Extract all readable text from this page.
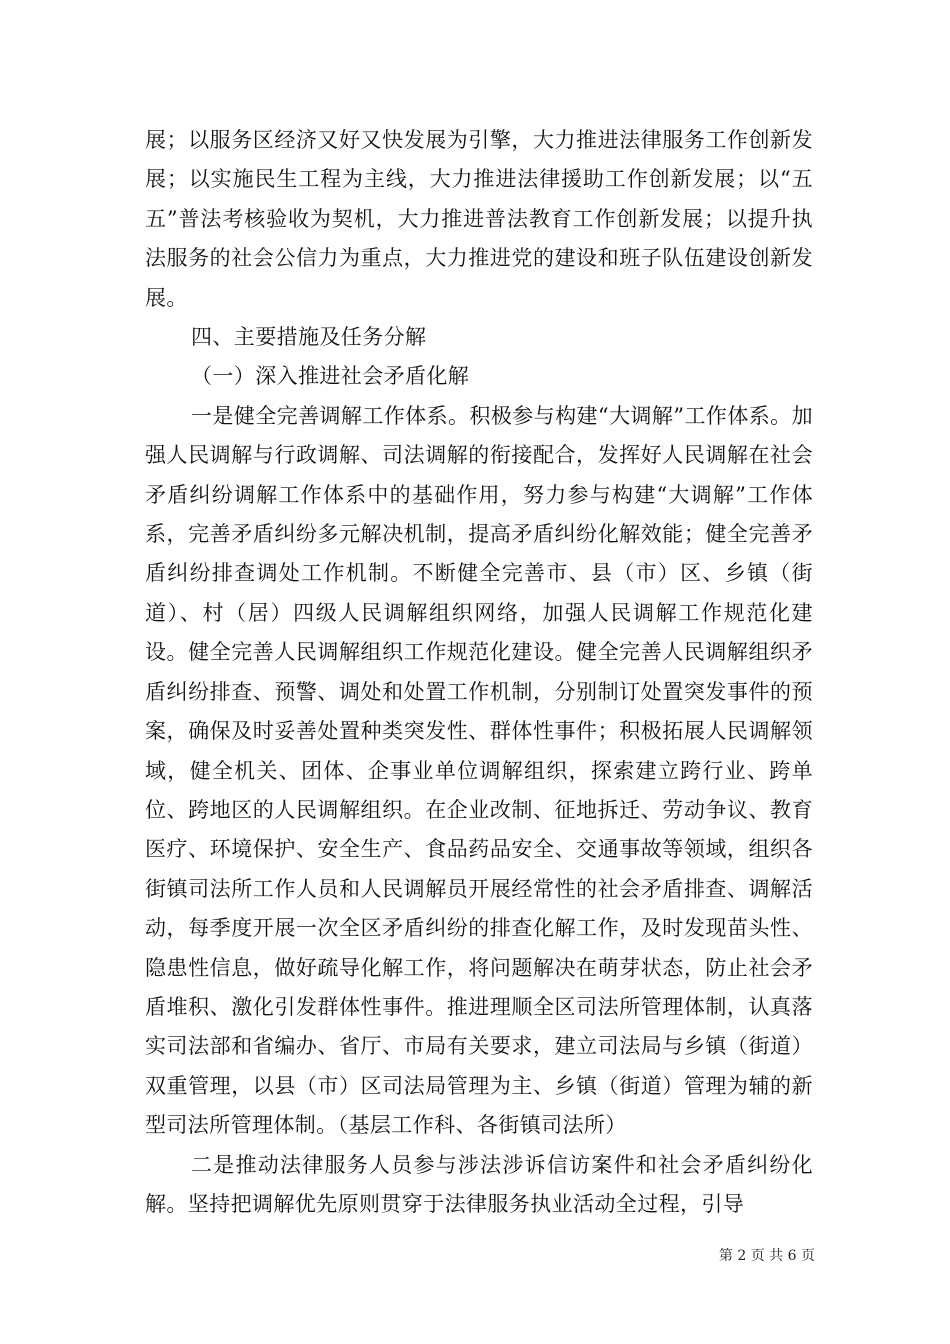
展；以服务区经济又好又快发展为引擎，大力推进法律服务工作创新发展；以实施民生工程为主线，大力推进法律援助工作创新发展；以“五五”普法考核验收为契机，大力推进普法教育工作创新发展；以提升执法服务的社会公信力为重点，大力推进党的建设和班子队伍建设创新发展。

四、主要措施及任务分解

（一）深入推进社会矛盾化解

一是健全完善调解工作体系。积极参与构建“大调解”工作体系。加强人民调解与行政调解、司法调解的衔接配合，发挥好人民调解在社会矛盾纠纷调解工作体系中的基础作用，努力参与构建“大调解”工作体系，完善矛盾纠纷多元解决机制，提高矛盾纠纷化解效能；健全完善矛盾纠纷排查调处工作机制。不断健全完善市、县（市）区、乡镇（街道）、村（居）四级人民调解组织网络，加强人民调解工作规范化建设。健全完善人民调解组织工作规范化建设。健全完善人民调解组织矛盾纠纷排查、预警、调处和处置工作机制，分别制订处置突发事件的预案，确保及时妥善处置种类突发性、群体性事件；积极拓展人民调解领域，健全机关、团体、企事业单位调解组织，探索建立跨行业、跨单位、跨地区的人民调解组织。在企业改制、征地拆迁、劳动争议、教育医疗、环境保护、安全生产、食品药品安全、交通事故等领域，组织各街镇司法所工作人员和人民调解员开展经常性的社会矛盾排查、调解活动，每季度开展一次全区矛盾纠纷的排查化解工作，及时发现苗头性、隐患性信息，做好疏导化解工作，将问题解决在萌芽状态，防止社会矛盾堆积、激化引发群体性事件。推进理顺全区司法所管理体制，认真落实司法部和省编办、省厅、市局有关要求，建立司法局与乡镇（街道）双重管理，以县（市）区司法局管理为主、乡镇（街道）管理为辅的新型司法所管理体制。（基层工作科、各街镇司法所）

二是推动法律服务人员参与涉法涉诉信访案件和社会矛盾纠纷化解。坚持把调解优先原则贯穿于法律服务执业活动全过程，引导

第 2 页 共 6 页
